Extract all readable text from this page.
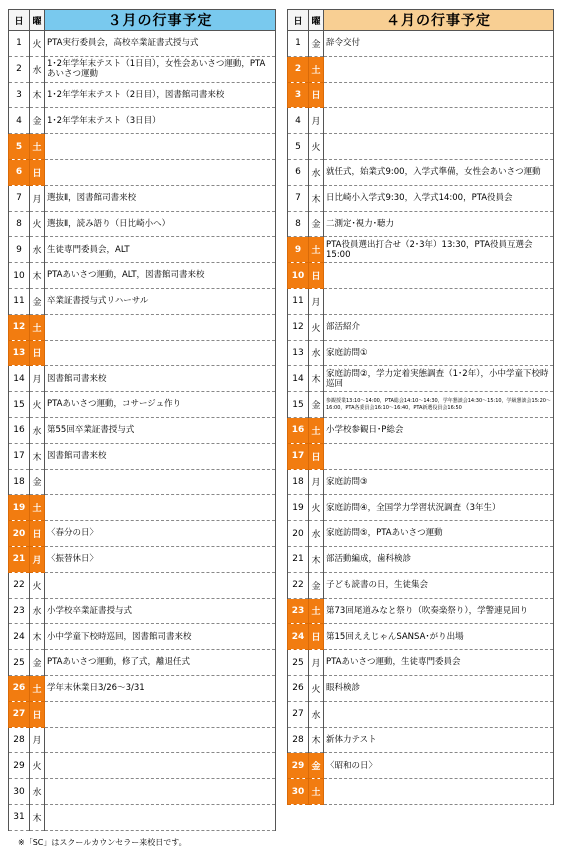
日	曜	３月の行事予定
1	火	PTA実行委員会，高校卒業証書式授与式
2	水	1･2年学年末テスト（1日目），女性会あいさつ運動，PTAあいさつ運動
3	木	1･2年学年末テスト（2日目），図書館司書来校
4	金	1･2年学年末テスト（3日目）
5	土	
6	日	
7	月	選抜Ⅱ，図書館司書来校
8	火	選抜Ⅱ，読み語り（日比崎小へ）
9	水	生徒専門委員会，ALT
10	木	PTAあいさつ運動，ALT，図書館司書来校
11	金	卒業証書授与式リハーサル
12	土	
13	日	
14	月	図書館司書来校
15	火	PTAあいさつ運動，コサージュ作り
16	水	第55回卒業証書授与式
17	木	図書館司書来校
18	金	
19	土	
20	日	〈春分の日〉
21	月	〈振替休日〉
22	火	
23	水	小学校卒業証書授与式
24	木	小中学童下校時巡回，図書館司書来校
25	金	PTAあいさつ運動，修了式，離退任式
26	土	学年末休業日3/26～3/31
27	日	
28	月	
29	火	
30	水	
31	木	
日	曜	４月の行事予定
1	金	辞令交付
2	土	
3	日	
4	月	
5	火	
6	水	就任式，始業式9:00，入学式準備，女性会あいさつ運動
7	木	日比崎小入学式9:30，入学式14:00，PTA役員会
8	金	二測定･視力･聴力
9	土	PTA役員選出打合せ（2･3年）13:30，PTA役員互選会15:00
10	日	
11	月	
12	火	部活紹介
13	水	家庭訪問①
14	木	家庭訪問②，学力定着実態調査（1･2年），小中学童下校時巡回
15	金	参観授業13:10～14:00，PTA総会14:10～14:30，学年懇談会14:30～15:10，学級懇談会15:20～16:00，PTA各委員会16:10～16:40，PTA新選役員会16:50
16	土	小学校参観日･P総会
17	日	
18	月	家庭訪問③
19	火	家庭訪問④，全国学力学習状況調査（3年生）
20	水	家庭訪問⑤，PTAあいさつ運動
21	木	部活動編成，歯科検診
22	金	子ども読書の日，生徒集会
23	土	第73回尾道みなと祭り（吹奏楽祭り），学警連見回り
24	日	第15回ええじゃんSANSA･がり出場
25	月	PTAあいさつ運動，生徒専門委員会
26	火	眼科検診
27	水	
28	木	新体力テスト
29	金	〈昭和の日〉
30	土	
※「SC」はスクールカウンセラー来校日です。
